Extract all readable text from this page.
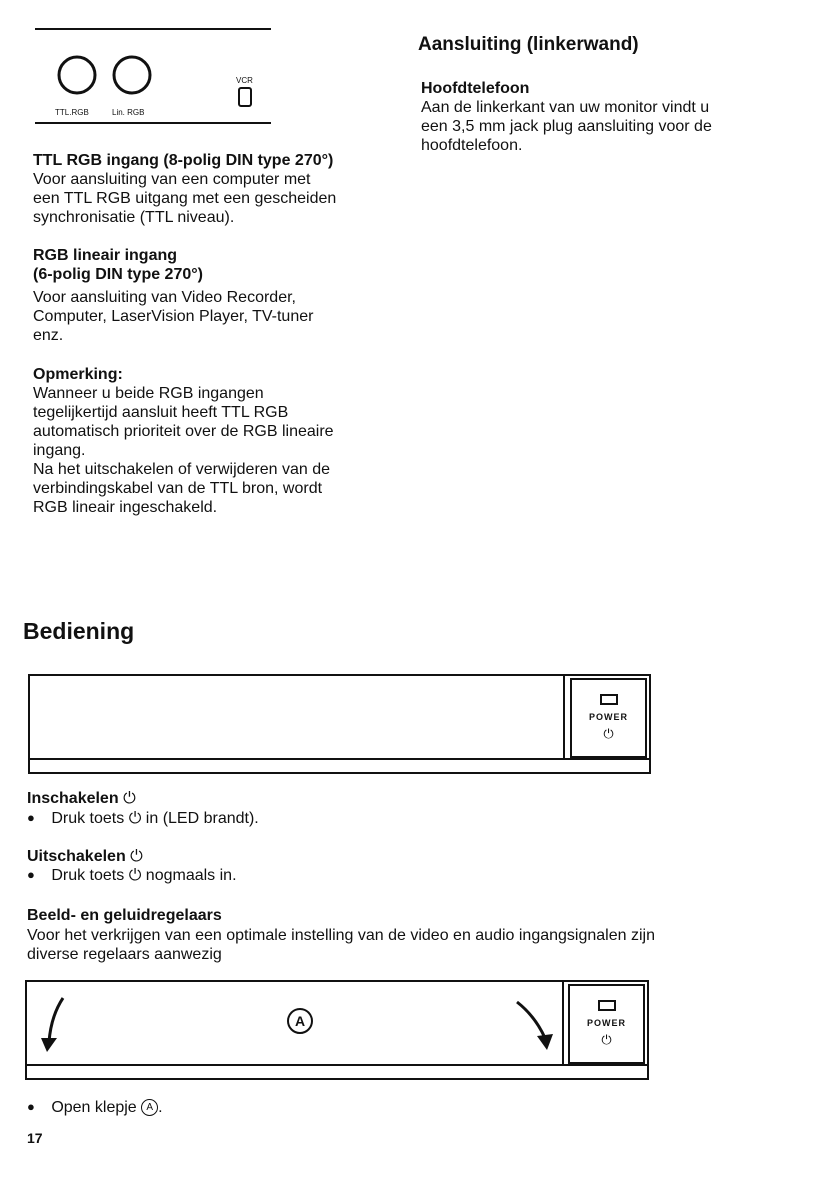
VCR
TTL.RGB	Lin. RGB
TTL RGB ingang (8-polig DIN type 270°)
Voor aansluiting van een computer met
een TTL RGB uitgang met een gescheiden
synchronisatie (TTL niveau).
RGB lineair ingang
(6-polig DIN type 270°)
Voor aansluiting van Video Recorder,
Computer, LaserVision Player, TV-tuner
enz.
Opmerking:
Wanneer u beide RGB ingangen
tegelijkertijd aansluit heeft TTL RGB
automatisch prioriteit over de RGB lineaire
ingang.
Na het uitschakelen of verwijderen van de
verbindingskabel van de TTL bron, wordt
RGB lineair ingeschakeld.
Aansluiting (linkerwand)
Hoofdtelefoon
Aan de linkerkant van uw monitor vindt u
een 3,5 mm jack plug aansluiting voor de
hoofdtelefoon.
Bediening
POWER
⏻
Inschakelen ⏻
● Druk toets ⏻ in (LED brandt).
Uitschakelen ⏻
● Druk toets ⏻ nogmaals in.
Beeld- en geluidregelaars
Voor het verkrijgen van een optimale instelling van de video en audio ingangsignalen zijn
diverse regelaars aanwezig
A	POWER
⏻
● Open klepje A .
17
